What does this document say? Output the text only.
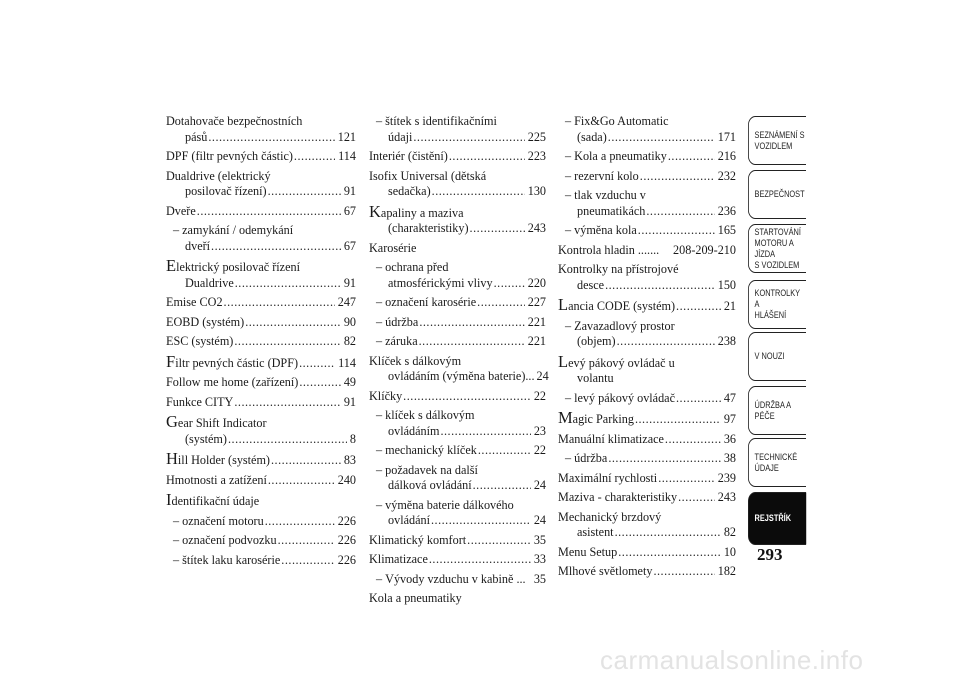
Dotahovače bezpečnostních
pásů .....	121
DPF (filtr pevných částic) .....	114
Dualdrive (elektrický
posilovač řízení) .....	91
Dveře .....	67
– zamykání / odemykání
dveří .....	67
Elektrický posilovač řízení
Dualdrive .....	91
Emise CO2 .....	247
EOBD (systém) .....	90
ESC (systém) .....	82
Filtr pevných částic (DPF) .....	114
Follow me home (zařízení) .....	49
Funkce CITY .....	91
Gear Shift Indicator
(systém) .....	8
Hill Holder (systém) .....	83
Hmotnosti a zatížení .....	240
Identifikační údaje
– označení motoru .....	226
– označení podvozku .....	226
– štítek laku karosérie .....	226
– štítek s identifikačními
údaji .....	225
Interiér (čistění) .....	223
Isofix Universal (dětská
sedačka) .....	130
Kapaliny a maziva
(charakteristiky) .....	243
Karosérie
– ochrana před
atmosférickými vlivy .....	220
– označení karosérie .....	227
– údržba .....	221
– záruka .....	221
Klíček s dálkovým
ovládáním (výměna baterie)... 24
Klíčky .....	22
– klíček s dálkovým
ovládáním .....	23
– mechanický klíček .....	22
– požadavek na další
dálková ovládání .....	24
– výměna baterie dálkového
ovládání .....	24
Klimatický komfort .....	35
Klimatizace .....	33
– Vývody vzduchu v kabině ... 35
Kola a pneumatiky
– Fix&Go Automatic
(sada) .....	171
– Kola a pneumatiky .....	216
– rezervní kolo .....	232
– tlak vzduchu v
pneumatikách .....	236
– výměna kola .....	165
Kontrola hladin ....... 208-209-210
Kontrolky na přístrojové
desce .....	150
Lancia CODE (systém) .....	21
– Zavazadlový prostor
(objem) .....	238
Levý pákový ovládač u
volantu
– levý pákový ovládač .....	47
Magic Parking .....	97
Manuální klimatizace .....	36
– údržba .....	38
Maximální rychlosti .....	239
Maziva - charakteristiky .....	243
Mechanický brzdový
asistent .....	82
Menu Setup .....	10
Mlhové světlomety .....	182
SEZNÁMENÍ S
VOZIDLEM
BEZPEČNOST
STARTOVÁNÍ
MOTORU A JÍZDA
S VOZIDLEM
KONTROLKY A
HLÁŠENÍ
V NOUZI
ÚDRŽBA A PÉČE
TECHNICKÉ
ÚDAJE
REJSTŘÍK
293
carmanualsonline.info
